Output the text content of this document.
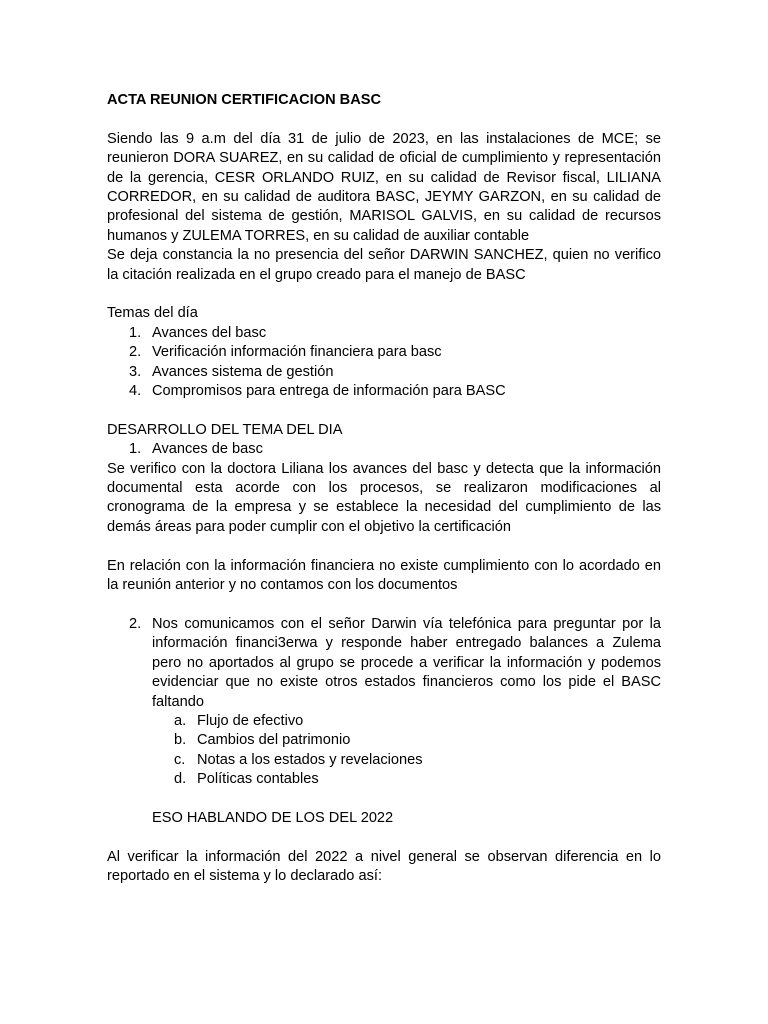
ACTA REUNION CERTIFICACION BASC

Siendo las 9 a.m del día 31 de julio de 2023, en las instalaciones de MCE; se reunieron DORA SUAREZ, en su calidad de oficial de cumplimiento y representación de la gerencia, CESR ORLANDO RUIZ, en su calidad de Revisor fiscal, LILIANA CORREDOR, en su calidad de auditora BASC, JEYMY GARZON, en su calidad de profesional del sistema de gestión, MARISOL GALVIS, en su calidad de recursos humanos y ZULEMA TORRES, en su calidad de auxiliar contable

Se deja constancia la no presencia del señor DARWIN SANCHEZ, quien no verifico la citación realizada en el grupo creado para el manejo de BASC

Temas del día

1. Avances del basc
2. Verificación información financiera para basc
3. Avances sistema de gestión
4. Compromisos para entrega de información para BASC

DESARROLLO DEL TEMA DEL DIA

1. Avances de basc

Se verifico con la doctora Liliana los avances del basc y detecta que la información documental esta acorde con los procesos, se realizaron modificaciones al cronograma de la empresa y se establece la necesidad del cumplimiento de las demás áreas para poder cumplir con el objetivo la certificación

En relación con la información financiera no existe cumplimiento con lo acordado en la reunión anterior y no contamos con los documentos

2. Nos comunicamos con el señor Darwin vía telefónica para preguntar por la información financi3erwa y responde haber entregado balances a Zulema pero no aportados al grupo se procede a verificar la información y podemos evidenciar que no existe otros estados financieros como los pide el BASC faltando
a. Flujo de efectivo
b. Cambios del patrimonio
c. Notas a los estados y revelaciones
d. Políticas contables

ESO HABLANDO DE LOS DEL 2022

Al verificar la información del 2022 a nivel general se observan diferencia en lo reportado en el sistema y lo declarado así:
